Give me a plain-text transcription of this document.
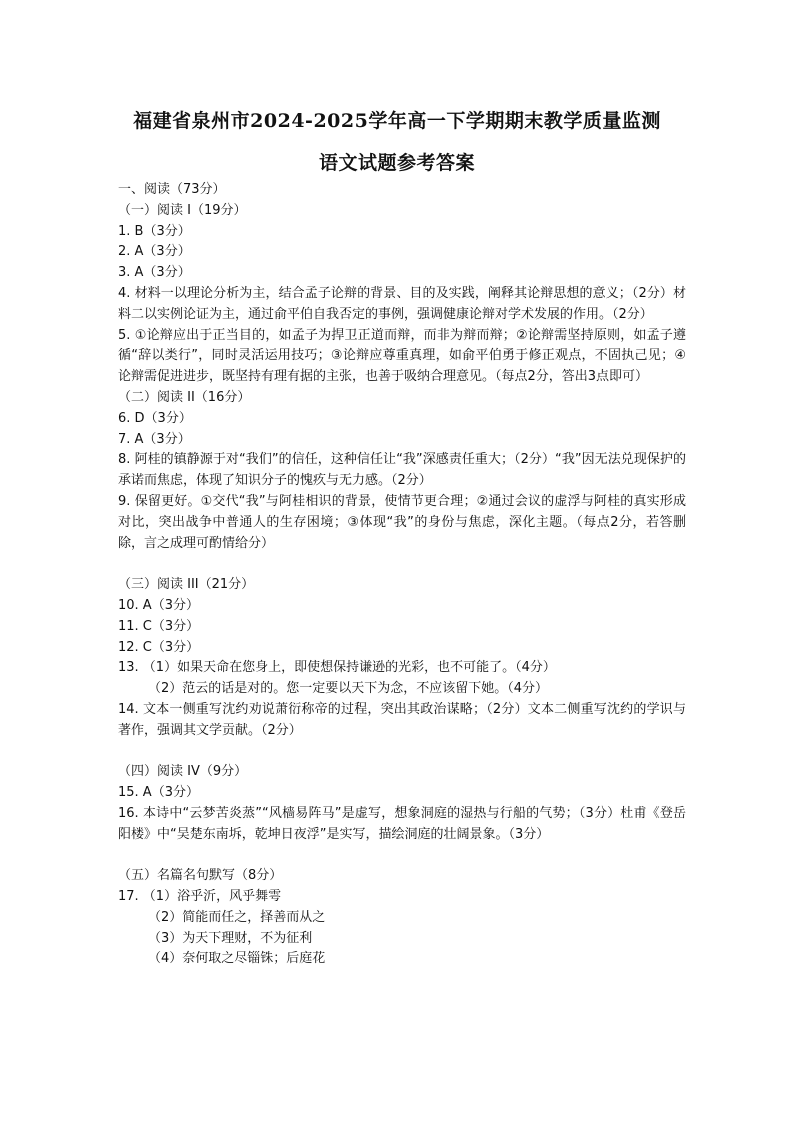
福建省泉州市2024-2025学年高一下学期期末教学质量监测
语文试题参考答案
一、阅读（73分）
（一）阅读 I（19分）
1. B（3分）
2. A（3分）
3. A（3分）
4. 材料一以理论分析为主，结合孟子论辩的背景、目的及实践，阐释其论辩思想的意义；（2分）材料二以实例论证为主，通过俞平伯自我否定的事例，强调健康论辩对学术发展的作用。（2分）
5. ①论辩应出于正当目的，如孟子为捍卫正道而辩，而非为辩而辩；②论辩需坚持原则，如孟子遵循“辞以类行”，同时灵活运用技巧；③论辩应尊重真理，如俞平伯勇于修正观点，不固执己见；④论辩需促进进步，既坚持有理有据的主张，也善于吸纳合理意见。（每点2分，答出3点即可）
（二）阅读 II（16分）
6. D（3分）
7. A（3分）
8. 阿桂的镇静源于对“我们”的信任，这种信任让“我”深感责任重大；（2分）“我”因无法兑现保护的承诺而焦虑，体现了知识分子的愧疚与无力感。（2分）
9. 保留更好。①交代“我”与阿桂相识的背景，使情节更合理；②通过会议的虚浮与阿桂的真实形成对比，突出战争中普通人的生存困境；③体现“我”的身份与焦虑，深化主题。（每点2分，若答删除，言之成理可酌情给分）
（三）阅读 III（21分）
10. A（3分）
11. C（3分）
12. C（3分）
13. （1）如果天命在您身上，即使想保持谦逊的光彩，也不可能了。（4分）
（2）范云的话是对的。您一定要以天下为念，不应该留下她。（4分）
14. 文本一侧重写沈约劝说萧衍称帝的过程，突出其政治谋略；（2分）文本二侧重写沈约的学识与著作，强调其文学贡献。（2分）
（四）阅读 IV（9分）
15. A（3分）
16. 本诗中“云梦苦炎蒸”“风樯易阵马”是虚写，想象洞庭的湿热与行船的气势；（3分）杜甫《登岳阳楼》中“吴楚东南坼，乾坤日夜浮”是实写，描绘洞庭的壮阔景象。（3分）
（五）名篇名句默写（8分）
17. （1）浴乎沂，风乎舞雩
（2）简能而任之，择善而从之
（3）为天下理财，不为征利
（4）奈何取之尽锱铢；后庭花
